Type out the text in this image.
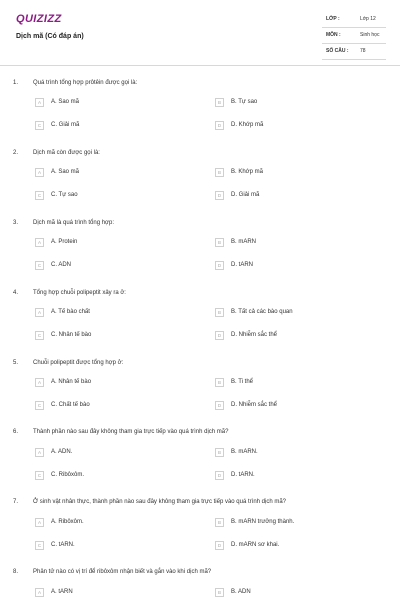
QUIZIZZ
Dịch mã (Có đáp án)
LỚP :	Lớp 12
MÔN :	Sinh học
SỐ CÂU : 78
1. Quá trình tổng hợp prôtêin được gọi là:
A	A. Sao mã	B	B. Tự sao
C	C. Giải mã	D	D. Khớp mã
2. Dịch mã còn được gọi là:
A	A. Sao mã	B	B. Khớp mã
C	C. Tự sao	D	D. Giải mã
3. Dịch mã là quá trình tổng hợp:
A	A. Protein	B	B. mARN
C	C. ADN	D	D. tARN
4. Tổng hợp chuỗi polipeptit xảy ra ở:
A	A. Tế bào chất	B	B. Tất cả các bào quan
C	C. Nhân tế bào	D	D. Nhiễm sắc thể
5. Chuỗi polipeptit được tổng hợp ở:
A	A. Nhân tế bào	B	B. Ti thể
C	C. Chất tế bào	D	D. Nhiễm sắc thể
6. Thành phần nào sau đây không tham gia trực tiếp vào quá trình dịch mã?
A	A. ADN.	B	B. mARN.
C	C. Ribôxôm.	D	D. tARN.
7. Ở sinh vật nhân thực, thành phần nào sau đây không tham gia trực tiếp vào quá trình dịch mã?
A	A. Ribôxôm.	B	B. mARN trưởng thành.
C	C. tARN.	D	D. mARN sơ khai.
8. Phân tử nào có vị trí để ribôxôm nhận biết và gắn vào khi dịch mã?
A	A. tARN	B	B. ADN
